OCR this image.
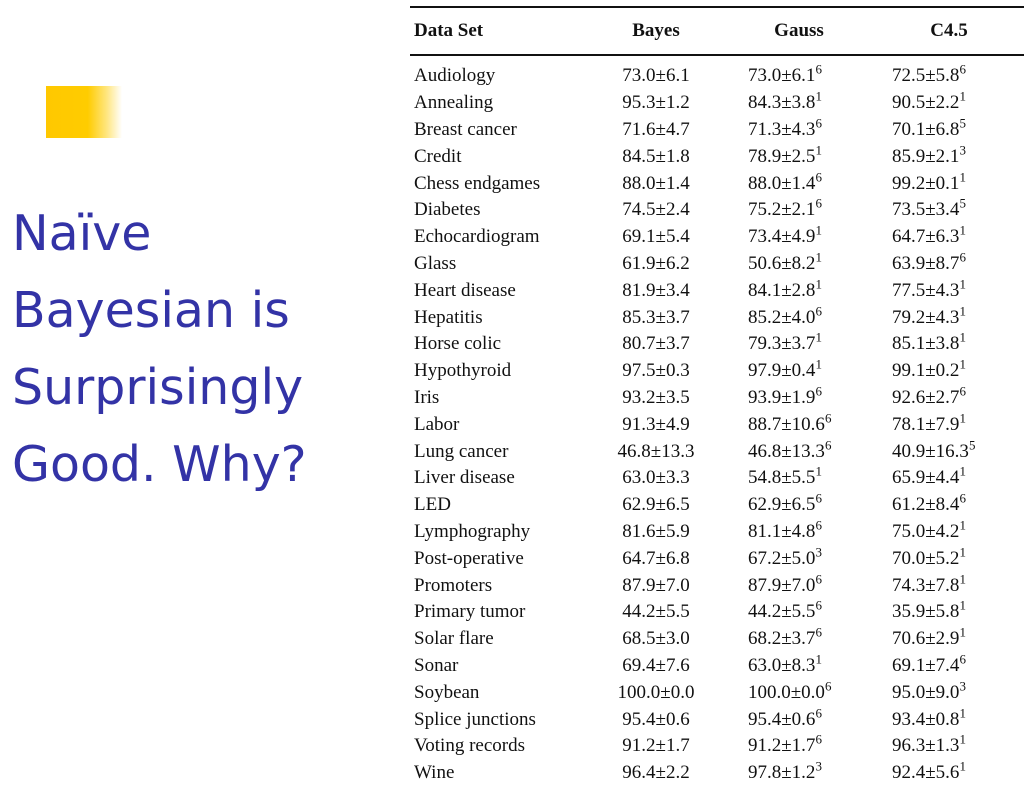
Naïve
Bayesian is
Surprisingly
Good. Why?
Data Set	Bayes	Gauss	C4.5
Audiology	73.0±6.1	$73.0\pm 6.1^6$	$72.5\pm 5.8^6$
Annealing	95.3±1.2	$84.3\pm 3.8^1$	$90.5\pm 2.2^1$
Breast cancer	71.6±4.7	$71.3\pm 4.3^6$	$70.1\pm 6.8^5$
Credit	84.5±1.8	$78.9\pm 2.5^1$	$85.9\pm 2.1^3$
Chess endgames	88.0±1.4	$88.0\pm 1.4^6$	$99.2\pm 0.1^1$
Diabetes	74.5±2.4	$75.2\pm 2.1^6$	$73.5\pm 3.4^5$
Echocardiogram	69.1±5.4	$73.4\pm 4.9^1$	$64.7\pm 6.3^1$
Glass	61.9±6.2	$50.6\pm 8.2^1$	$63.9\pm 8.7^6$
Heart disease	81.9±3.4	$84.1\pm 2.8^1$	$77.5\pm 4.3^1$
Hepatitis	85.3±3.7	$85.2\pm 4.0^6$	$79.2\pm 4.3^1$
Horse colic	80.7±3.7	$79.3\pm 3.7^1$	$85.1\pm 3.8^1$
Hypothyroid	97.5±0.3	$97.9\pm 0.4^1$	$99.1\pm 0.2^1$
Iris	93.2±3.5	$93.9\pm 1.9^6$	$92.6\pm 2.7^6$
Labor	91.3±4.9	$88.7\pm 10.6^6$	$78.1\pm 7.9^1$
Lung cancer	46.8±13.3	$46.8\pm 13.3^6$	$40.9\pm 16.3^5$
Liver disease	63.0±3.3	$54.8\pm 5.5^1$	$65.9\pm 4.4^1$
LED	62.9±6.5	$62.9\pm 6.5^6$	$61.2\pm 8.4^6$
Lymphography	81.6±5.9	$81.1\pm 4.8^6$	$75.0\pm 4.2^1$
Post-operative	64.7±6.8	$67.2\pm 5.0^3$	$70.0\pm 5.2^1$
Promoters	87.9±7.0	$87.9\pm 7.0^6$	$74.3\pm 7.8^1$
Primary tumor	44.2±5.5	$44.2\pm 5.5^6$	$35.9\pm 5.8^1$
Solar flare	68.5±3.0	$68.2\pm 3.7^6$	$70.6\pm 2.9^1$
Sonar	69.4±7.6	$63.0\pm 8.3^1$	$69.1\pm 7.4^6$
Soybean	100.0±0.0	$100.0\pm 0.0^6$	$95.0\pm 9.0^3$
Splice junctions	95.4±0.6	$95.4\pm 0.6^6$	$93.4\pm 0.8^1$
Voting records	91.2±1.7	$91.2\pm 1.7^6$	$96.3\pm 1.3^1$
Wine	96.4±2.2	$97.8\pm 1.2^3$	$92.4\pm 5.6^1$
